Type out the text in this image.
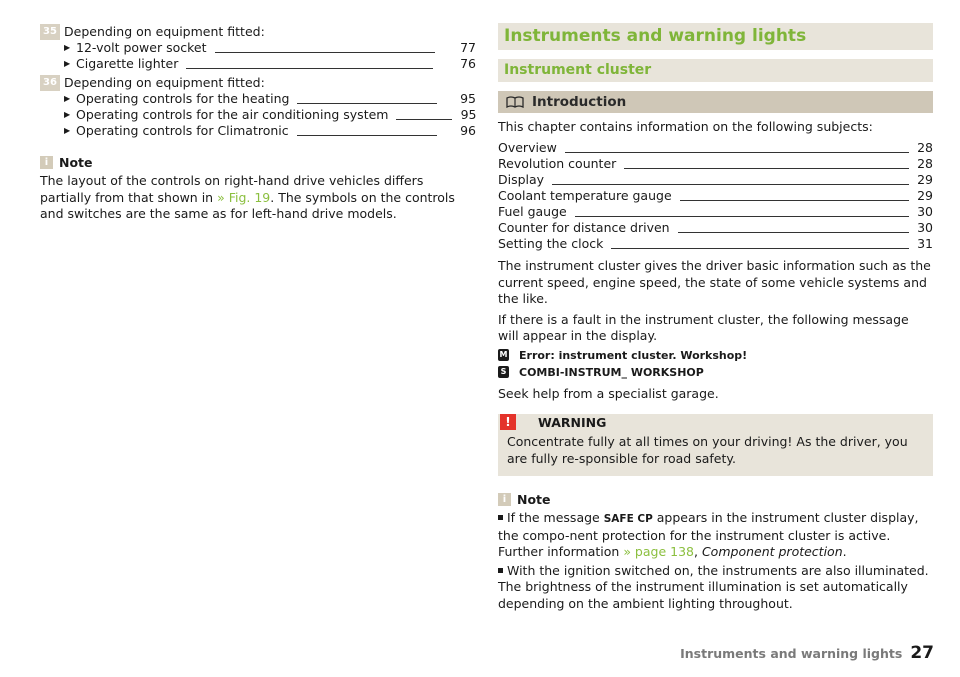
35 Depending on equipment fitted:
▶ 12-volt power socket	77
▶ Cigarette lighter	76
36 Depending on equipment fitted:
▶ Operating controls for the heating	95
▶ Operating controls for the air conditioning system	95
▶ Operating controls for Climatronic	96
i Note

The layout of the controls on right-hand drive vehicles differs partially from that shown in » Fig. 19. The symbols on the controls and switches are the same as for left-hand drive models.

Instruments and warning lights
Instrument cluster
Introduction
This chapter contains information on the following subjects:
Overview	28
Revolution counter	28
Display	29
Coolant temperature gauge	29
Fuel gauge	30
Counter for distance driven	30
Setting the clock	31
The instrument cluster gives the driver basic information such as the current speed, engine speed, the state of some vehicle systems and the like.
If there is a fault in the instrument cluster, the following message will appear in the display.
M Error: instrument cluster. Workshop!
S COMBI-INSTRUM_ WORKSHOP
Seek help from a specialist garage.
!	WARNING
Concentrate fully at all times on your driving! As the driver, you are fully re-sponsible for road safety.
i Note
If the message SAFE CP appears in the instrument cluster display, the compo-nent protection for the instrument cluster is active. Further information » page 138, Component protection.
With the ignition switched on, the instruments are also illuminated. The brightness of the instrument illumination is set automatically depending on the ambient lighting throughout.
Instruments and warning lights 27
